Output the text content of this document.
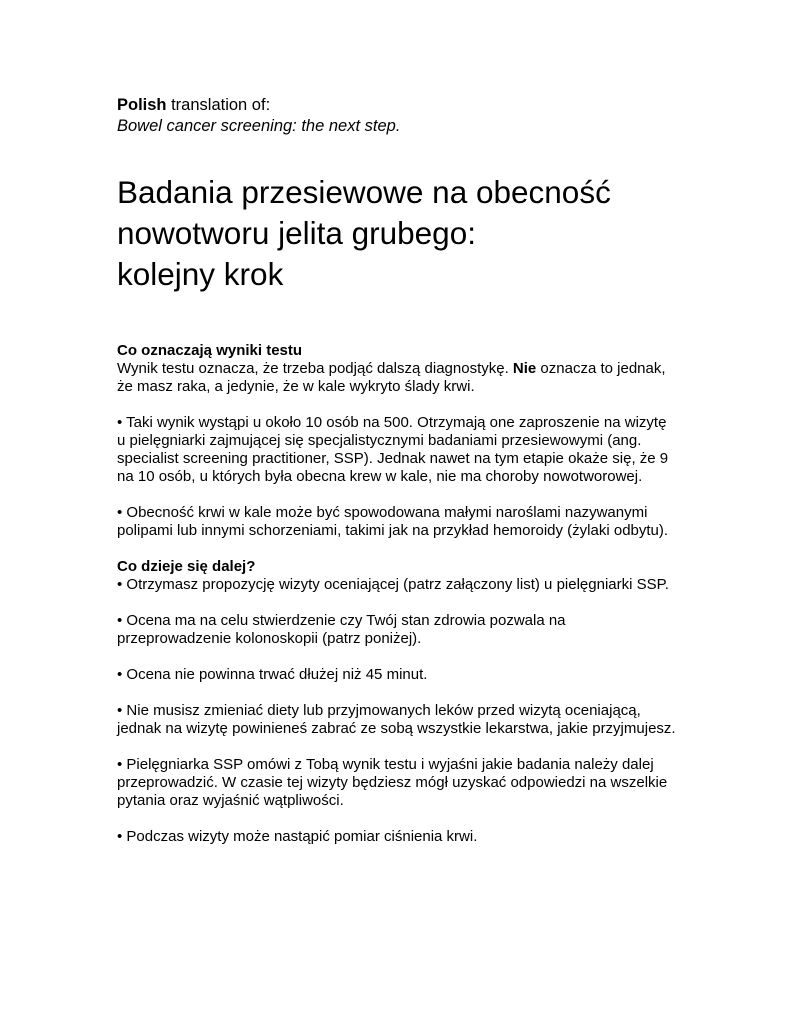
Polish translation of:
Bowel cancer screening: the next step.
Badania przesiewowe na obecność
nowotworu jelita grubego:
kolejny krok
Co oznaczają wyniki testu

Wynik testu oznacza, że trzeba podjąć dalszą diagnostykę. Nie oznacza to jednak, że masz raka, a jedynie, że w kale wykryto ślady krwi.

• Taki wynik wystąpi u około 10 osób na 500. Otrzymają one zaproszenie na wizytę u pielęgniarki zajmującej się specjalistycznymi badaniami przesiewowymi (ang. specialist screening practitioner, SSP). Jednak nawet na tym etapie okaże się, że 9 na 10 osób, u których była obecna krew w kale, nie ma choroby nowotworowej.

• Obecność krwi w kale może być spowodowana małymi naroślami nazywanymi polipami lub innymi schorzeniami, takimi jak na przykład hemoroidy (żylaki odbytu).

Co dzieje się dalej?

• Otrzymasz propozycję wizyty oceniającej (patrz załączony list) u pielęgniarki SSP.

• Ocena ma na celu stwierdzenie czy Twój stan zdrowia pozwala na przeprowadzenie kolonoskopii (patrz poniżej).

• Ocena nie powinna trwać dłużej niż 45 minut.

• Nie musisz zmieniać diety lub przyjmowanych leków przed wizytą oceniającą, jednak na wizytę powinieneś zabrać ze sobą wszystkie lekarstwa, jakie przyjmujesz.

• Pielęgniarka SSP omówi z Tobą wynik testu i wyjaśni jakie badania należy dalej przeprowadzić. W czasie tej wizyty będziesz mógł uzyskać odpowiedzi na wszelkie pytania oraz wyjaśnić wątpliwości.

• Podczas wizyty może nastąpić pomiar ciśnienia krwi.
